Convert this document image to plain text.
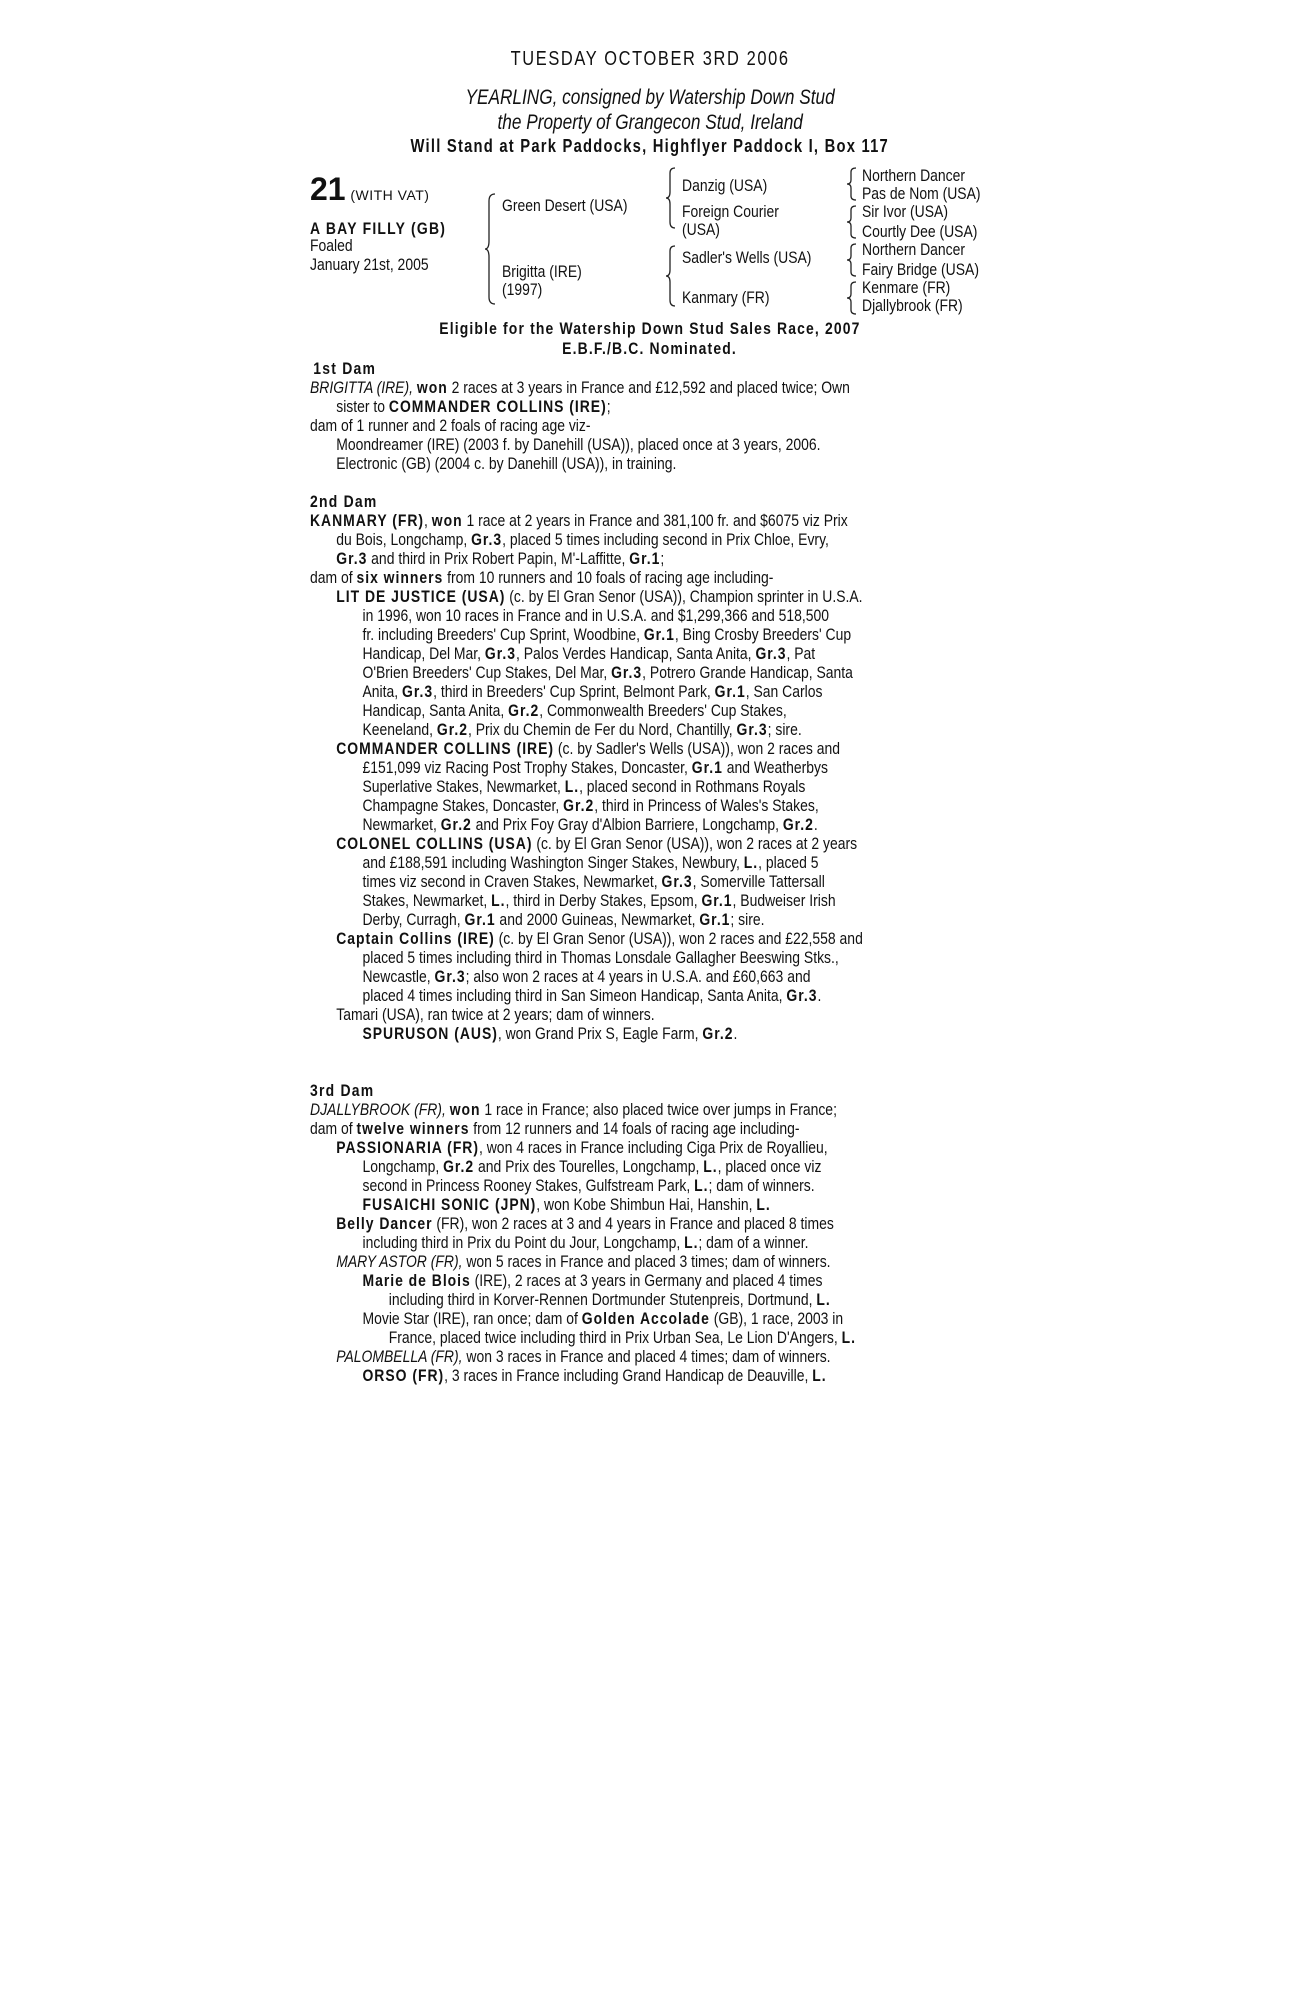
TUESDAY OCTOBER 3RD 2006
YEARLING, consigned by Watership Down Stud
the Property of Grangecon Stud, Ireland
Will Stand at Park Paddocks, Highflyer Paddock I, Box 117
21 (WITH VAT)
A BAY FILLY (GB)
Foaled
January 21st, 2005
Green Desert (USA)
Brigitta (IRE)
(1997)
Danzig (USA)
Foreign Courier
(USA)
Sadler's Wells (USA)
Kanmary (FR)
Northern Dancer
Pas de Nom (USA)
Sir Ivor (USA)
Courtly Dee (USA)
Northern Dancer
Fairy Bridge (USA)
Kenmare (FR)
Djallybrook (FR)
Eligible for the Watership Down Stud Sales Race, 2007
E.B.F./B.C. Nominated.
1st Dam
BRIGITTA (IRE), won 2 races at 3 years in France and £12,592 and placed twice; Own
sister to COMMANDER COLLINS (IRE);
dam of 1 runner and 2 foals of racing age viz-
Moondreamer (IRE) (2003 f. by Danehill (USA)), placed once at 3 years, 2006.
Electronic (GB) (2004 c. by Danehill (USA)), in training.
2nd Dam
KANMARY (FR), won 1 race at 2 years in France and 381,100 fr. and $6075 viz Prix
du Bois, Longchamp, Gr.3, placed 5 times including second in Prix Chloe, Evry,
Gr.3 and third in Prix Robert Papin, M'-Laffitte, Gr.1;
dam of six winners from 10 runners and 10 foals of racing age including-
LIT DE JUSTICE (USA) (c. by El Gran Senor (USA)), Champion sprinter in U.S.A.
in 1996, won 10 races in France and in U.S.A. and $1,299,366 and 518,500
fr. including Breeders' Cup Sprint, Woodbine, Gr.1, Bing Crosby Breeders' Cup
Handicap, Del Mar, Gr.3, Palos Verdes Handicap, Santa Anita, Gr.3, Pat
O'Brien Breeders' Cup Stakes, Del Mar, Gr.3, Potrero Grande Handicap, Santa
Anita, Gr.3, third in Breeders' Cup Sprint, Belmont Park, Gr.1, San Carlos
Handicap, Santa Anita, Gr.2, Commonwealth Breeders' Cup Stakes,
Keeneland, Gr.2, Prix du Chemin de Fer du Nord, Chantilly, Gr.3; sire.
COMMANDER COLLINS (IRE) (c. by Sadler's Wells (USA)), won 2 races and
£151,099 viz Racing Post Trophy Stakes, Doncaster, Gr.1 and Weatherbys
Superlative Stakes, Newmarket, L., placed second in Rothmans Royals
Champagne Stakes, Doncaster, Gr.2, third in Princess of Wales's Stakes,
Newmarket, Gr.2 and Prix Foy Gray d'Albion Barriere, Longchamp, Gr.2.
COLONEL COLLINS (USA) (c. by El Gran Senor (USA)), won 2 races at 2 years
and £188,591 including Washington Singer Stakes, Newbury, L., placed 5
times viz second in Craven Stakes, Newmarket, Gr.3, Somerville Tattersall
Stakes, Newmarket, L., third in Derby Stakes, Epsom, Gr.1, Budweiser Irish
Derby, Curragh, Gr.1 and 2000 Guineas, Newmarket, Gr.1; sire.
Captain Collins (IRE) (c. by El Gran Senor (USA)), won 2 races and £22,558 and
placed 5 times including third in Thomas Lonsdale Gallagher Beeswing Stks.,
Newcastle, Gr.3; also won 2 races at 4 years in U.S.A. and £60,663 and
placed 4 times including third in San Simeon Handicap, Santa Anita, Gr.3.
Tamari (USA), ran twice at 2 years; dam of winners.
SPURUSON (AUS), won Grand Prix S, Eagle Farm, Gr.2.
3rd Dam
DJALLYBROOK (FR), won 1 race in France; also placed twice over jumps in France;
dam of twelve winners from 12 runners and 14 foals of racing age including-
PASSIONARIA (FR), won 4 races in France including Ciga Prix de Royallieu,
Longchamp, Gr.2 and Prix des Tourelles, Longchamp, L., placed once viz
second in Princess Rooney Stakes, Gulfstream Park, L.; dam of winners.
FUSAICHI SONIC (JPN), won Kobe Shimbun Hai, Hanshin, L.
Belly Dancer (FR), won 2 races at 3 and 4 years in France and placed 8 times
including third in Prix du Point du Jour, Longchamp, L.; dam of a winner.
MARY ASTOR (FR), won 5 races in France and placed 3 times; dam of winners.
Marie de Blois (IRE), 2 races at 3 years in Germany and placed 4 times
including third in Korver-Rennen Dortmunder Stutenpreis, Dortmund, L.
Movie Star (IRE), ran once; dam of Golden Accolade (GB), 1 race, 2003 in
France, placed twice including third in Prix Urban Sea, Le Lion D'Angers, L.
PALOMBELLA (FR), won 3 races in France and placed 4 times; dam of winners.
ORSO (FR), 3 races in France including Grand Handicap de Deauville, L.
